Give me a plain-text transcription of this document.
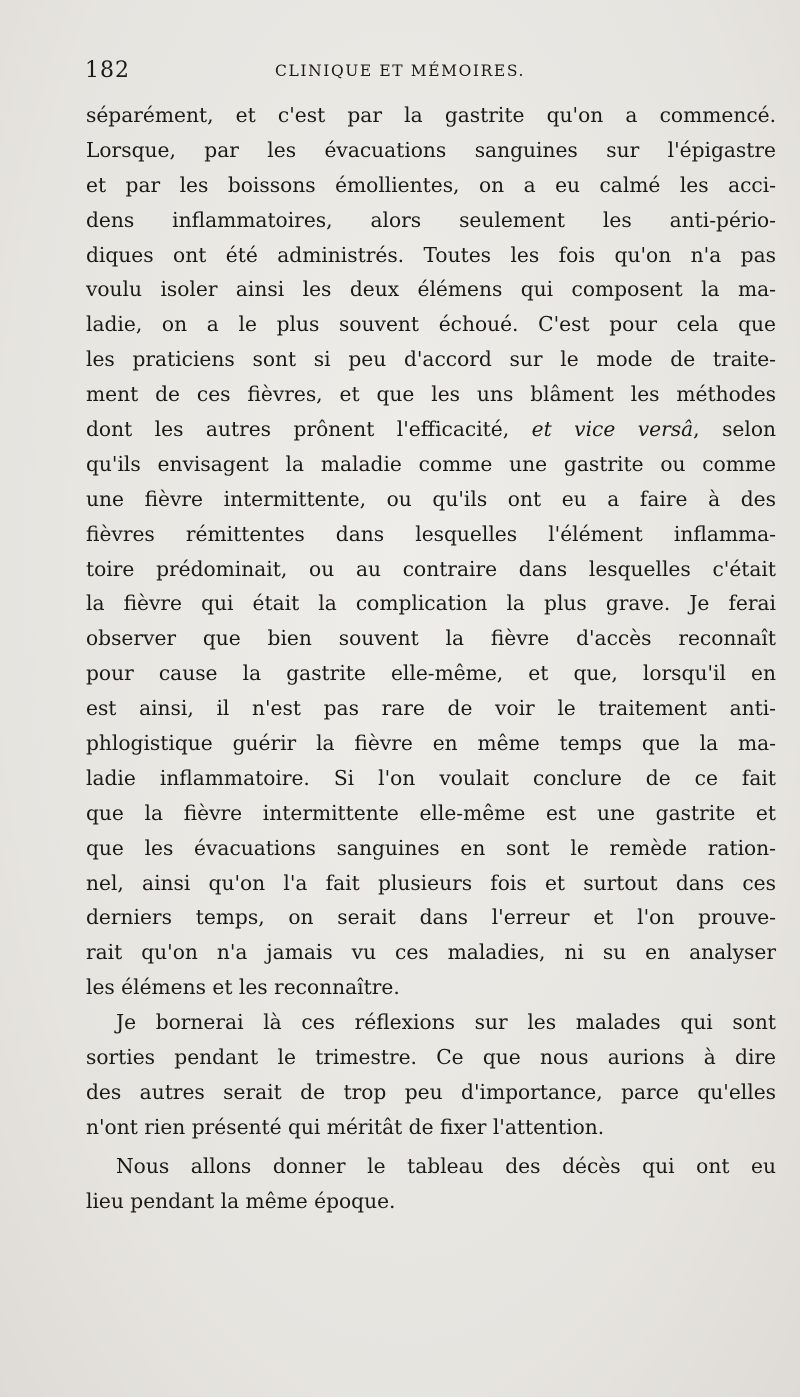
182	CLINIQUE ET MÉMOIRES.
séparément, et c'est par la gastrite qu'on a commencé.
Lorsque, par les évacuations sanguines sur l'épigastre
et par les boissons émollientes, on a eu calmé les acci-
dens inflammatoires, alors seulement les anti-pério-
diques ont été administrés. Toutes les fois qu'on n'a pas
voulu isoler ainsi les deux élémens qui composent la ma-
ladie, on a le plus souvent échoué. C'est pour cela que
les praticiens sont si peu d'accord sur le mode de traite-
ment de ces fièvres, et que les uns blâment les méthodes
dont les autres prônent l'efficacité, et vice versâ, selon
qu'ils envisagent la maladie comme une gastrite ou comme
une fièvre intermittente, ou qu'ils ont eu a faire à des
fièvres rémittentes dans lesquelles l'élément inflamma-
toire prédominait, ou au contraire dans lesquelles c'était
la fièvre qui était la complication la plus grave. Je ferai
observer que bien souvent la fièvre d'accès reconnaît
pour cause la gastrite elle-même, et que, lorsqu'il en
est ainsi, il n'est pas rare de voir le traitement anti-
phlogistique guérir la fièvre en même temps que la ma-
ladie inflammatoire. Si l'on voulait conclure de ce fait
que la fièvre intermittente elle-même est une gastrite et
que les évacuations sanguines en sont le remède ration-
nel, ainsi qu'on l'a fait plusieurs fois et surtout dans ces
derniers temps, on serait dans l'erreur et l'on prouve-
rait qu'on n'a jamais vu ces maladies, ni su en analyser
les élémens et les reconnaître.
Je bornerai là ces réflexions sur les malades qui sont
sorties pendant le trimestre. Ce que nous aurions à dire
des autres serait de trop peu d'importance, parce qu'elles
n'ont rien présenté qui méritât de fixer l'attention.
Nous allons donner le tableau des décès qui ont eu
lieu pendant la même époque.
